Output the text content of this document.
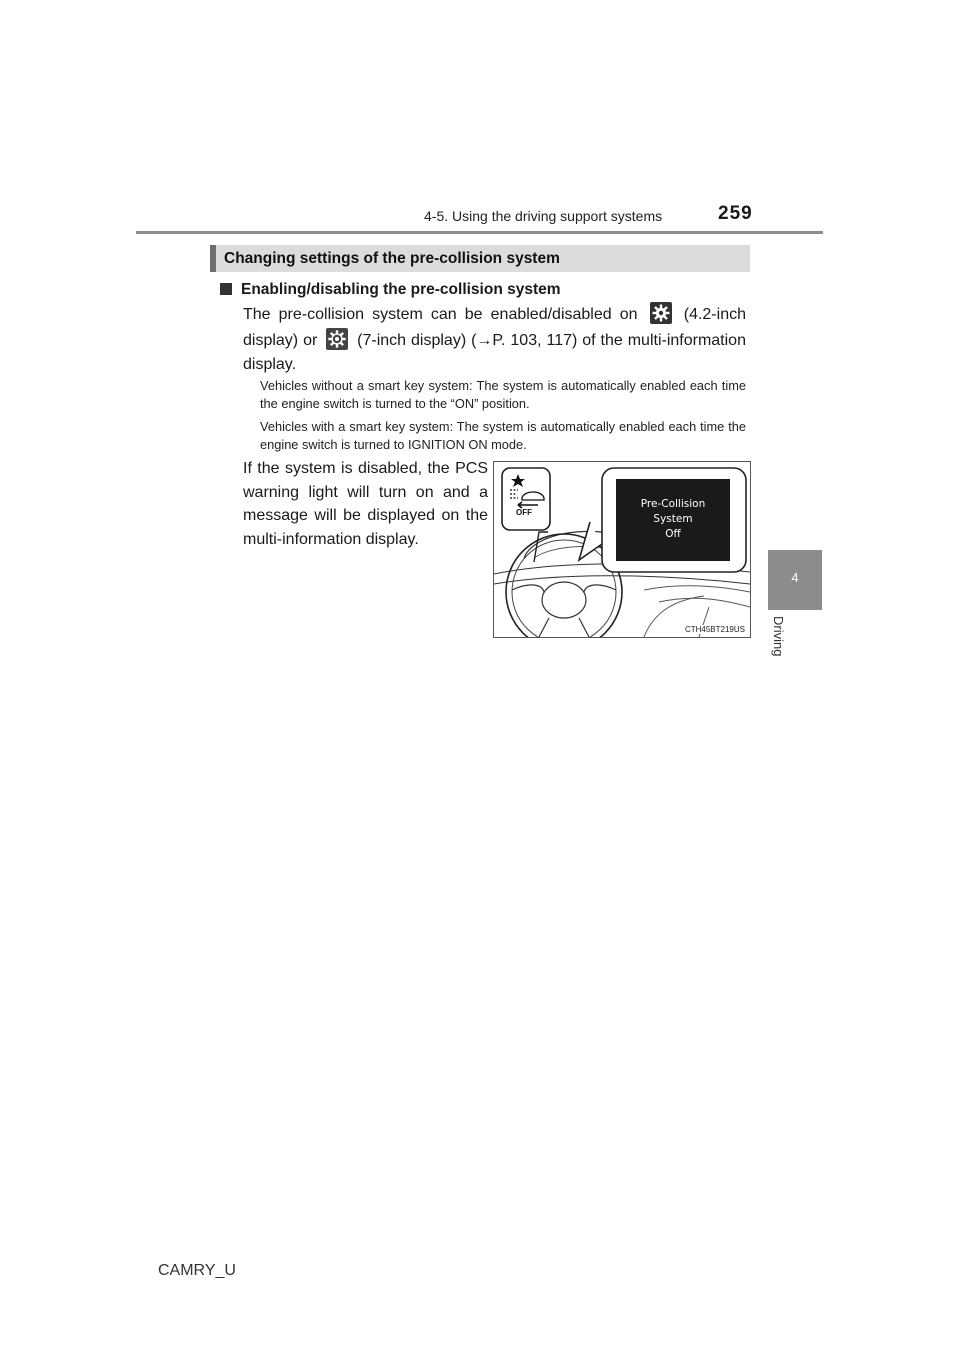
4-5. Using the driving support systems	259
Changing settings of the pre-collision system
Enabling/disabling the pre-collision system
The pre-collision system can be enabled/disabled on	(4.2-inch display) or (7-inch display) (→P. 103, 117) of the multi-information display.
Vehicles without a smart key system: The system is automatically enabled each time the engine switch is turned to the “ON” position.
Vehicles with a smart key system: The system is automatically enabled each time the engine switch is turned to IGNITION ON mode.
If the system is disabled, the PCS warning light will turn on and a message will be displayed on the multi-information display.
OFF
Pre-Collision
System
Off
CTH45BT219US
4
Driving
CAMRY_U
